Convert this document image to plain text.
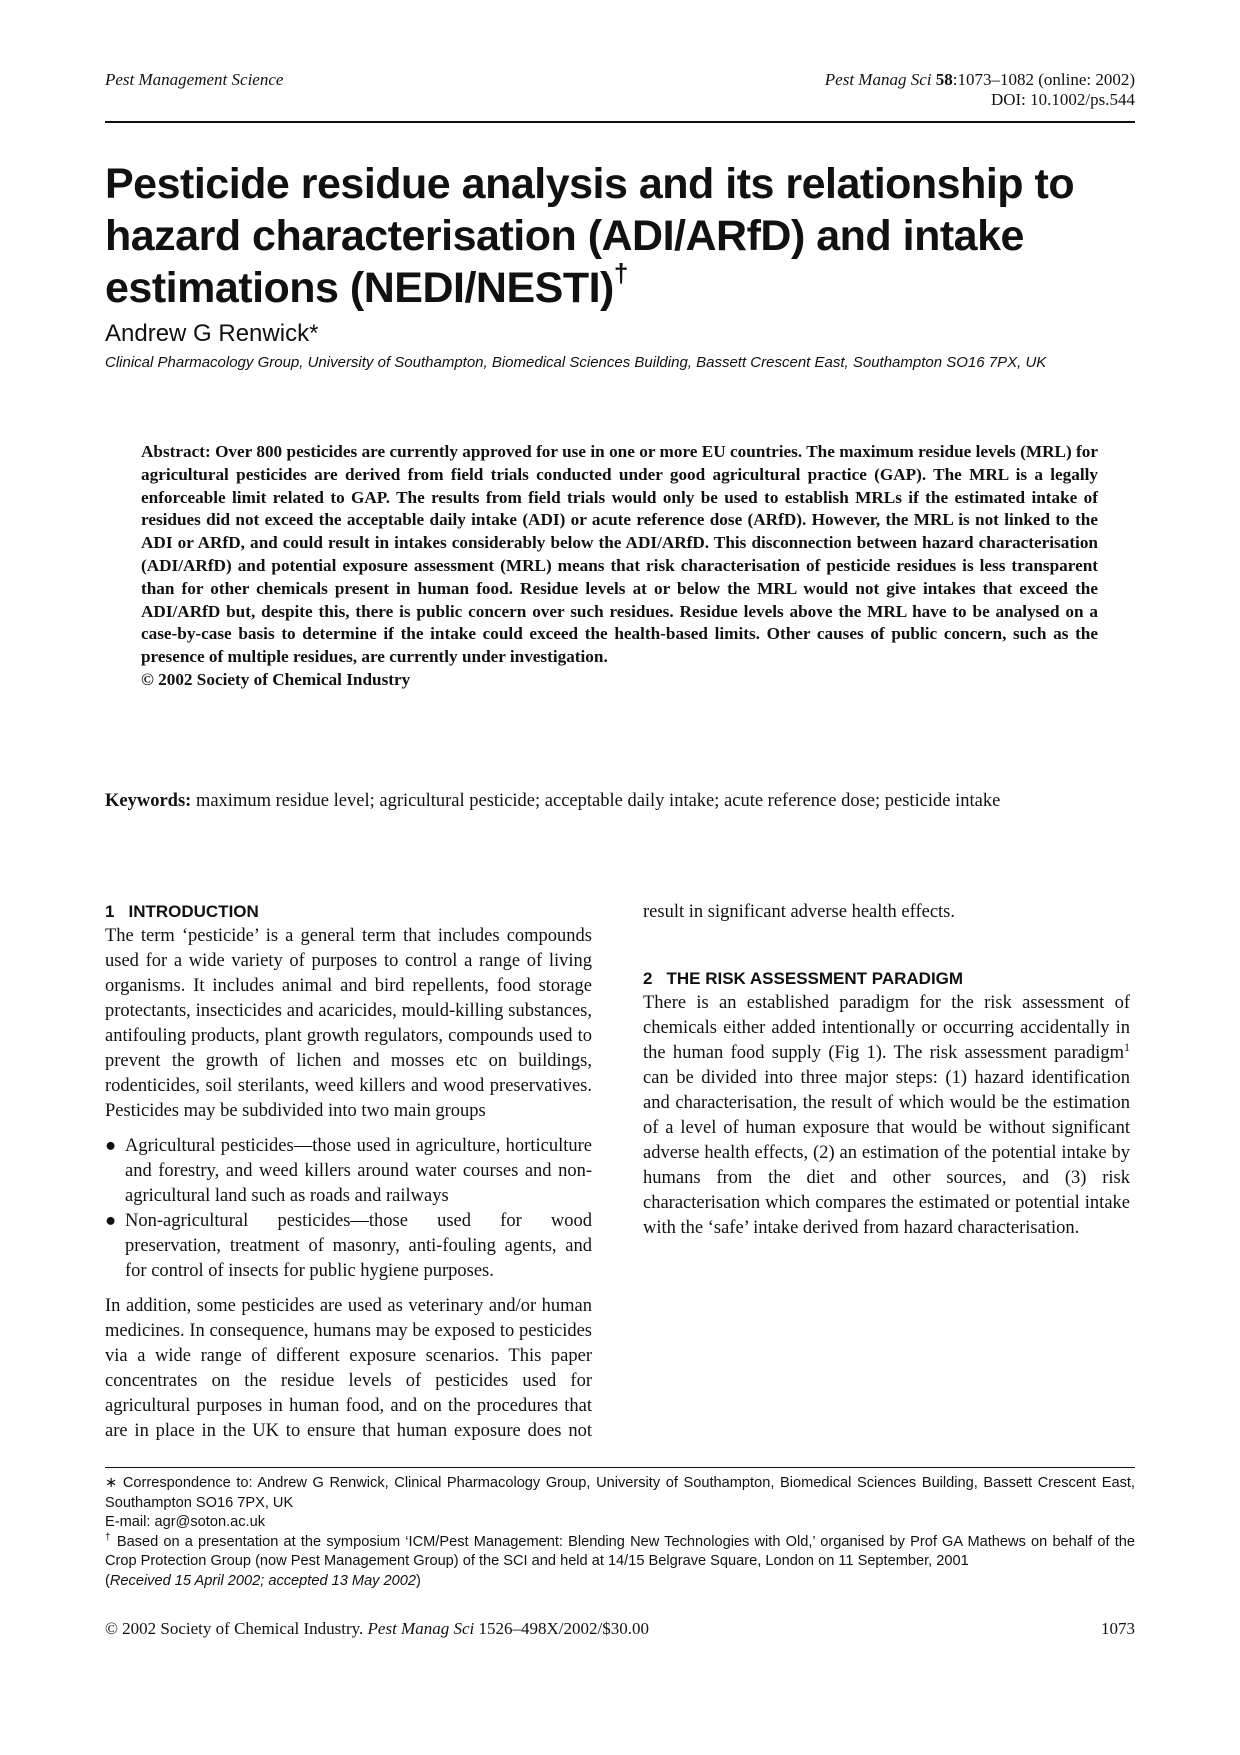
Pest Management Science	Pest Manag Sci 58:1073–1082 (online: 2002)
DOI: 10.1002/ps.544
Pesticide residue analysis and its relationship to hazard characterisation (ADI/ARfD) and intake estimations (NEDI/NESTI)†
Andrew G Renwick*
Clinical Pharmacology Group, University of Southampton, Biomedical Sciences Building, Bassett Crescent East, Southampton SO16 7PX, UK
Abstract: Over 800 pesticides are currently approved for use in one or more EU countries. The maximum residue levels (MRL) for agricultural pesticides are derived from field trials conducted under good agricultural practice (GAP). The MRL is a legally enforceable limit related to GAP. The results from field trials would only be used to establish MRLs if the estimated intake of residues did not exceed the acceptable daily intake (ADI) or acute reference dose (ARfD). However, the MRL is not linked to the ADI or ARfD, and could result in intakes considerably below the ADI/ARfD. This disconnection between hazard characterisation (ADI/ARfD) and potential exposure assessment (MRL) means that risk characterisation of pesticide residues is less transparent than for other chemicals present in human food. Residue levels at or below the MRL would not give intakes that exceed the ADI/ARfD but, despite this, there is public concern over such residues. Residue levels above the MRL have to be analysed on a case-by-case basis to determine if the intake could exceed the health-based limits. Other causes of public concern, such as the presence of multiple residues, are currently under investigation.
© 2002 Society of Chemical Industry
Keywords: maximum residue level; agricultural pesticide; acceptable daily intake; acute reference dose; pesticide intake
1 INTRODUCTION

The term ‘pesticide’ is a general term that includes compounds used for a wide variety of purposes to control a range of living organisms. It includes animal and bird repellents, food storage protectants, insecticides and acaricides, mould-killing substances, antifouling products, plant growth regulators, compounds used to prevent the growth of lichen and mosses etc on buildings, rodenticides, soil sterilants, weed killers and wood preservatives. Pesticides may be subdivided into two main groups

● Agricultural pesticides—those used in agriculture, horticulture and forestry, and weed killers around water courses and non-agricultural land such as roads and railways
● Non-agricultural pesticides—those used for wood preservation, treatment of masonry, anti-fouling agents, and for control of insects for public hygiene purposes.

In addition, some pesticides are used as veterinary and/or human medicines. In consequence, humans may be exposed to pesticides via a wide range of different exposure scenarios. This paper concentrates on the residue levels of pesticides used for agricultural purposes in human food, and on the procedures that are in place in the UK to ensure that human exposure does not

result in significant adverse health effects.

2 THE RISK ASSESSMENT PARADIGM

There is an established paradigm for the risk assessment of chemicals either added intentionally or occurring accidentally in the human food supply (Fig 1). The risk assessment paradigm$^1$ can be divided into three major steps: (1) hazard identification and characterisation, the result of which would be the estimation of a level of human exposure that would be without significant adverse health effects, (2) an estimation of the potential intake by humans from the diet and other sources, and (3) risk characterisation which compares the estimated or potential intake with the ‘safe’ intake derived from hazard characterisation.

∗ Correspondence to: Andrew G Renwick, Clinical Pharmacology Group, University of Southampton, Biomedical Sciences Building, Bassett Crescent East, Southampton SO16 7PX, UK

E-mail: agr@soton.ac.uk

† Based on a presentation at the symposium ‘ICM/Pest Management: Blending New Technologies with Old,’ organised by Prof GA Mathews on behalf of the Crop Protection Group (now Pest Management Group) of the SCI and held at 14/15 Belgrave Square, London on 11 September, 2001

(Received 15 April 2002; accepted 13 May 2002)

© 2002 Society of Chemical Industry. Pest Manag Sci 1526–498X/2002/$30.00	1073
